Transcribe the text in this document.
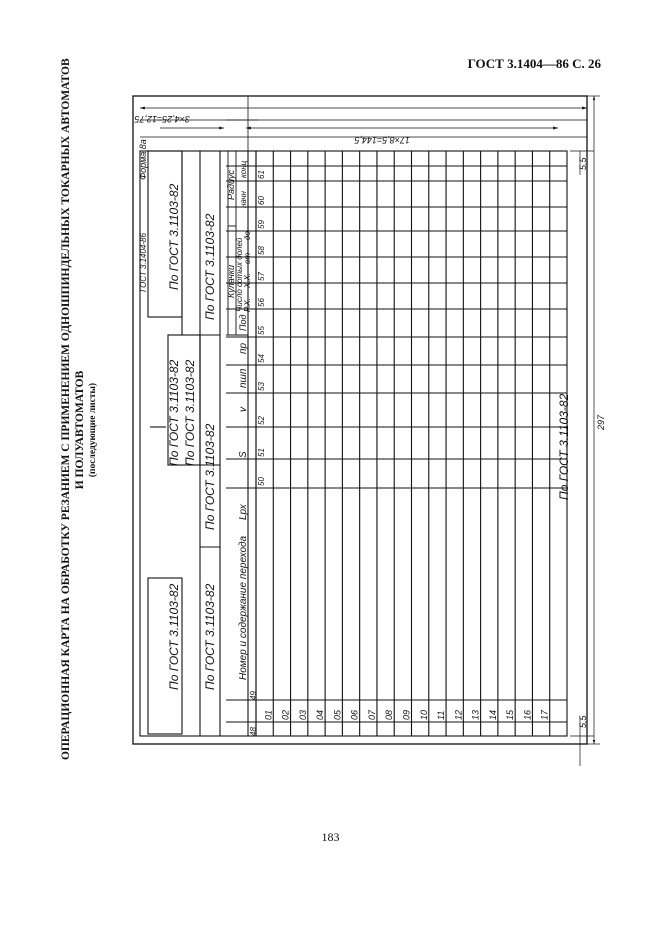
ГОСТ 3.1404—86 С. 26
ОПЕРАЦИОННАЯ КАРТА НА ОБРАБОТКУ РЕЗАНИЕМ С ПРИМЕНЕНИЕМ ОДНОШПИНДЕЛЬНЫХ ТОКАРНЫХ АВТОМАТОВ И ПОЛУАВТОМАТОВ (последующие листы)
3×4,25=12,75
17×8,5=144,5
5,5
5,5
297
ГОСТ 3.1404-86
Форма 8а
По ГОСТ 3.1103-82
По ГОСТ 3.1103-82 По ГОСТ 3.1103-82
По ГОСТ 3.1103-82
По ГОСТ 3.1103-82
По ГОСТ 3.1103-82
По ГОСТ 3.1103-82
По ГОСТ 3.1103-82
Номер и содержание перехода
48
49
Lрх
S
v
nшп
пр
Под
Кулачки Число сотых долей Р.Х.
Х.Х.
от
до
Радиус начн
конц
50
51
52
53
54
55
56
57
58
59
60
61
01 02 03 04 05 06 07 08 09 10 11 12 13 14 15 16 17
183
